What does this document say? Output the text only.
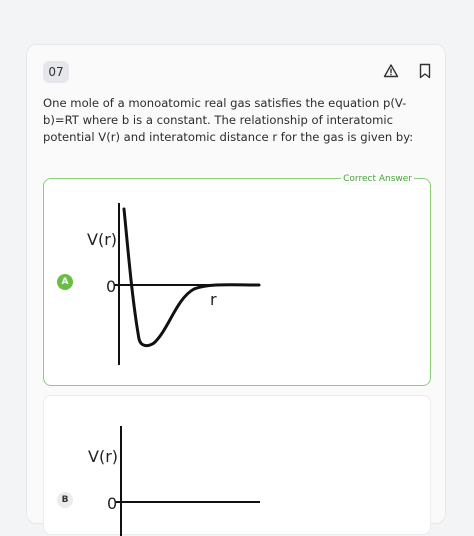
07
One mole of a monoatomic real gas satisfies the equation p(V-b)=RT where b is a constant. The relationship of interatomic potential V(r) and interatomic distance r for the gas is given by:
Correct Answer
A
V(r)
0
r
B
V(r)
0
